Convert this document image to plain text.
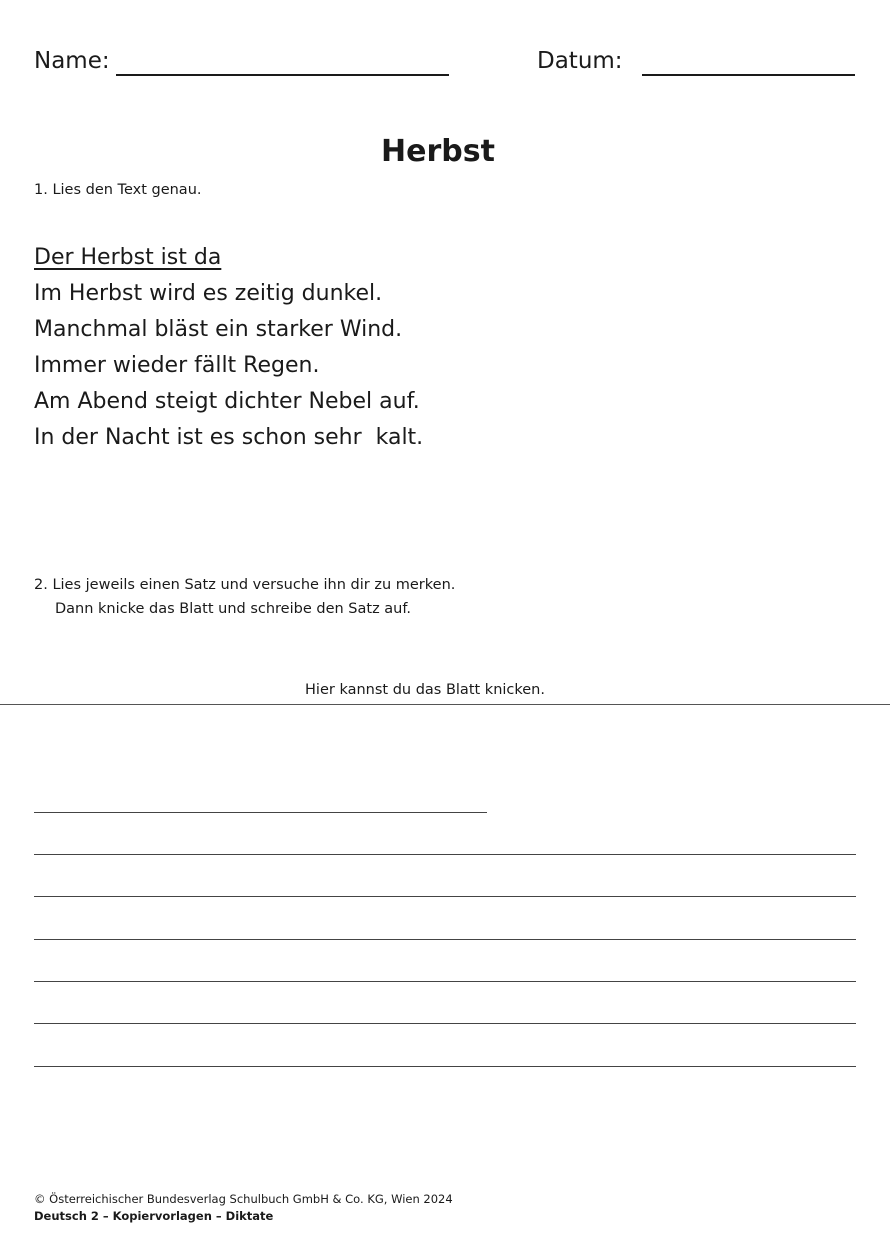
Name:	Datum:
Herbst
1. Lies den Text genau.
Der Herbst ist da
Im Herbst wird es zeitig dunkel.
Manchmal bläst ein starker Wind.
Immer wieder fällt Regen.
Am Abend steigt dichter Nebel auf.
In der Nacht ist es schon sehr  kalt.
2. Lies jeweils einen Satz und versuche ihn dir zu merken.
Dann knicke das Blatt und schreibe den Satz auf.
Hier kannst du das Blatt knicken.
© Österreichischer Bundesverlag Schulbuch GmbH & Co. KG, Wien 2024
Deutsch 2 – Kopiervorlagen – Diktate
